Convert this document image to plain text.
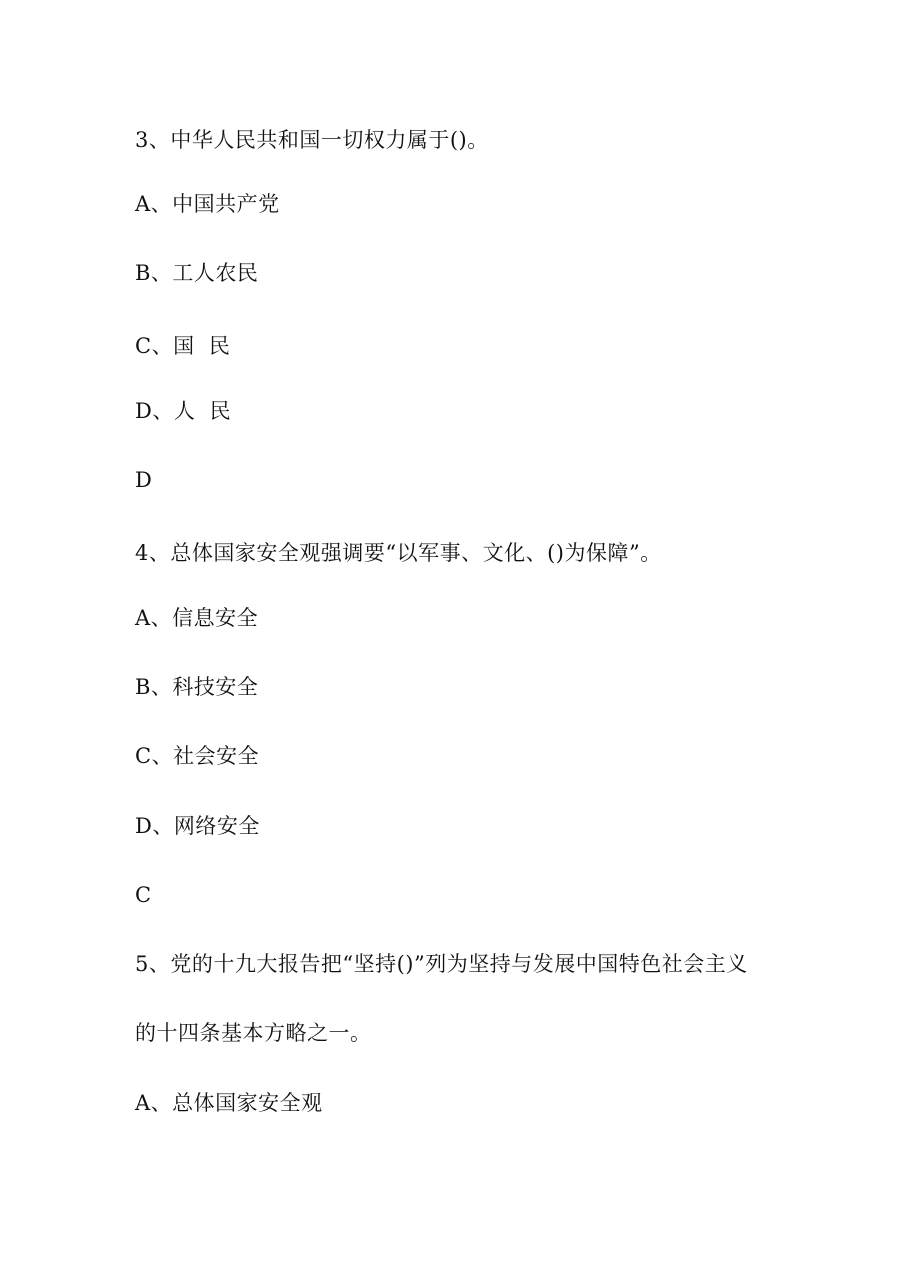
3、中华人民共和国一切权力属于()。
A、中国共产党
B、工人农民
C、国  民
D、人  民
D
4、总体国家安全观强调要“以军事、文化、()为保障”。
A、信息安全
B、科技安全
C、社会安全
D、网络安全
C
5、党的十九大报告把“坚持()”列为坚持与发展中国特色社会主义
的十四条基本方略之一。
A、总体国家安全观
